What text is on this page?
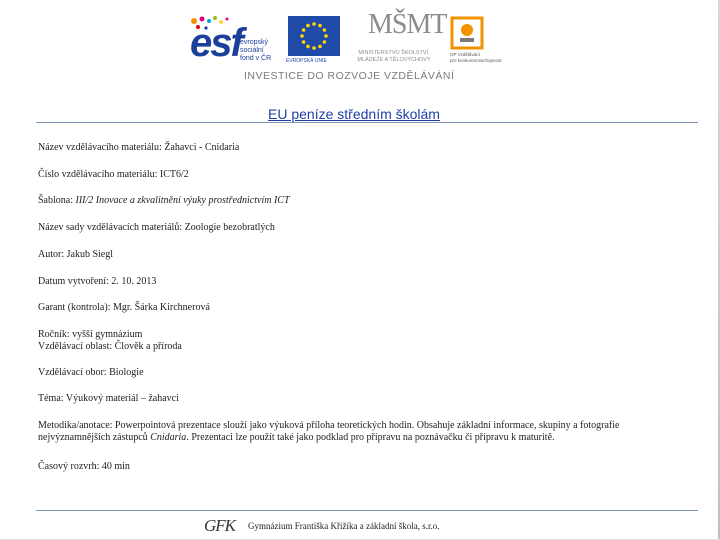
esf
evropský
sociální
fond v ČR	EVROPSKÁ UNIE
MŠMT
MINISTERSTVO ŠKOLSTVÍ,
MLÁDEŽE A TĚLOVÝCHOVY
OP Vzdělávání
pro konkurenceschopnost
INVESTICE DO ROZVOJE VZDĚLÁVÁNÍ
EU peníze středním školám
Název vzdělávacího materiálu: Žahavci - Cnidaria
Číslo vzdělávacího materiálu: ICT6/2
Šablona: III/2 Inovace a zkvalitnění výuky prostřednictvím ICT
Název sady vzdělávacích materiálů: Zoologie bezobratlých
Autor: Jakub Siegl
Datum vytvoření: 2. 10. 2013
Garant (kontrola): Mgr. Šárka Kirchnerová
Ročník: vyšší gymnázium
Vzdělávací oblast: Člověk a příroda
Vzdělávací obor: Biologie
Téma: Výukový materiál – žahavci
Metodika/anotace: Powerpointová prezentace slouží jako výuková příloha teoretických hodin. Obsahuje základní informace, skupiny a fotografie nejvýznamnějších zástupců Cnidaria. Prezentaci lze použít také jako podklad pro přípravu na poznávačku či přípravu k maturitě.
Časový rozvrh: 40 min
GFK Gymnázium Františka Křižíka a základní škola, s.r.o.
